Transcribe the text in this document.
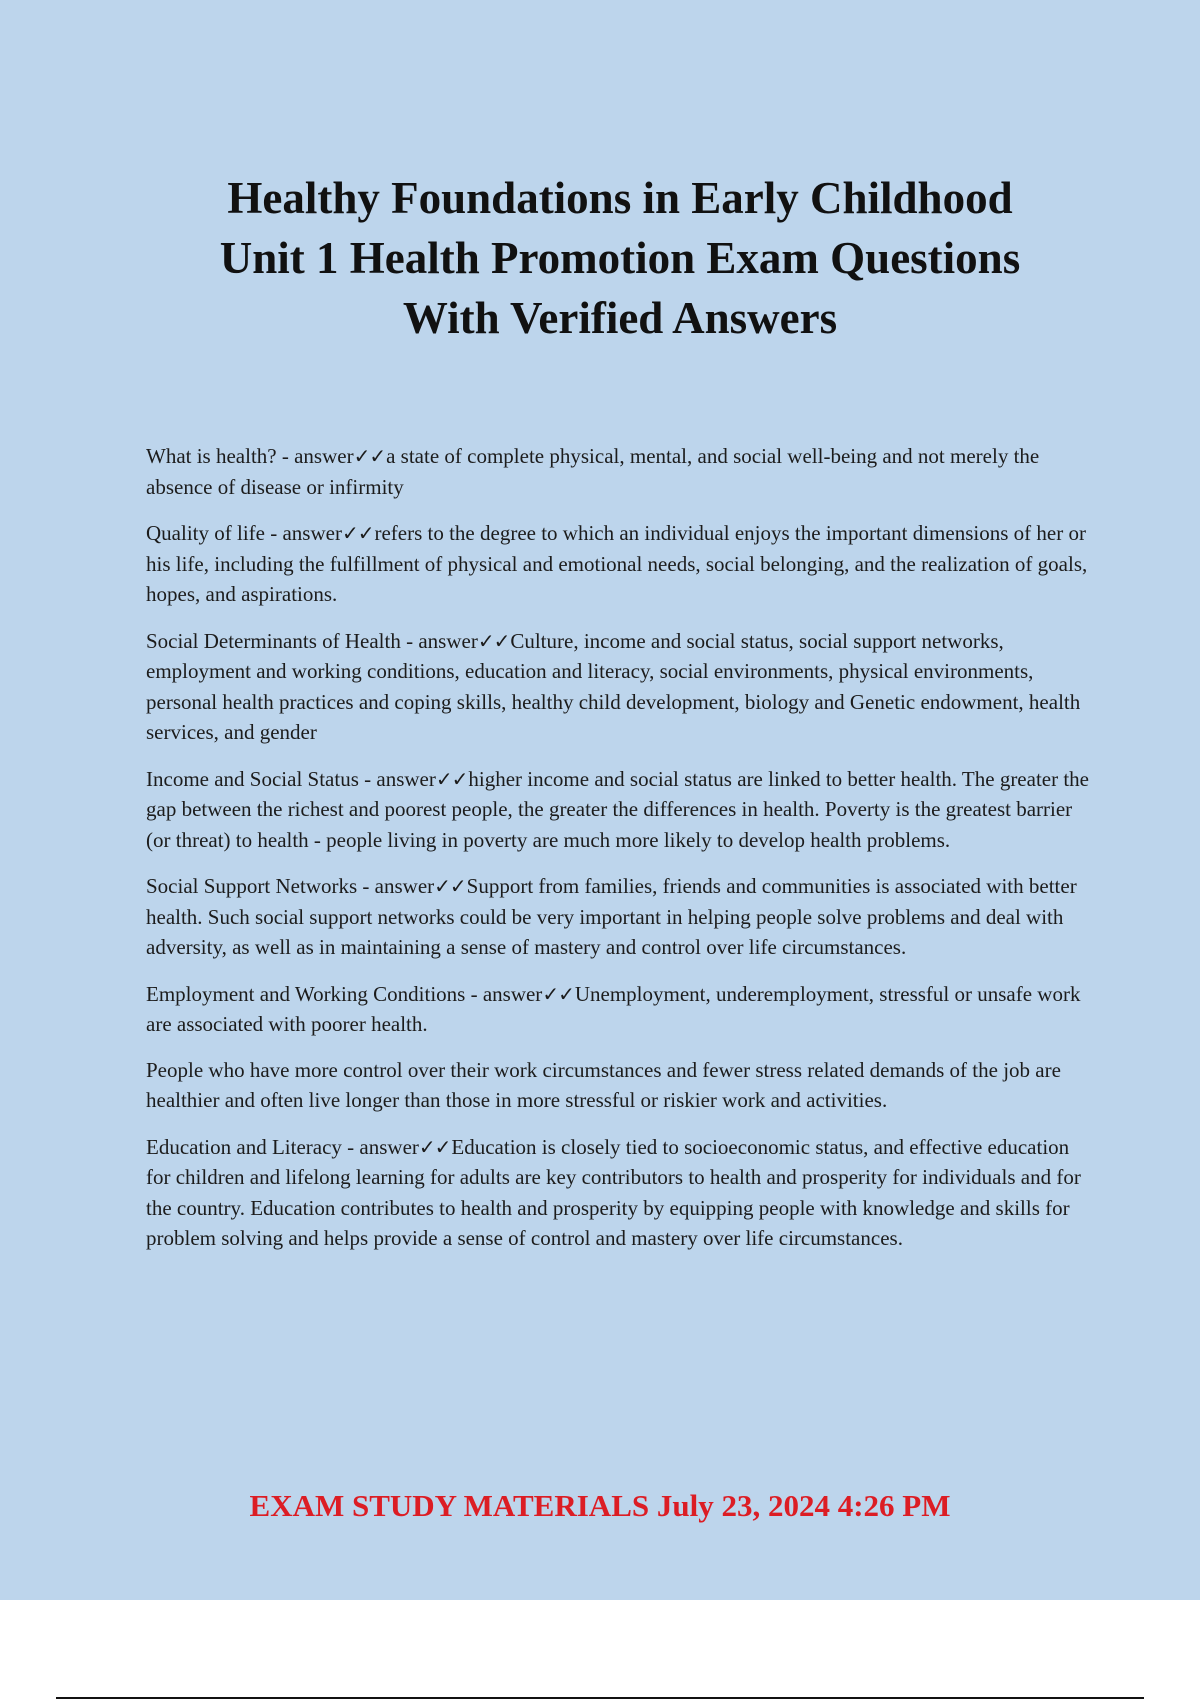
Healthy Foundations in Early Childhood
Unit 1 Health Promotion Exam Questions
With Verified Answers

What is health? - answer✓✓a state of complete physical, mental, and social well-being and not merely the absence of disease or infirmity

Quality of life - answer✓✓refers to the degree to which an individual enjoys the important dimensions of her or his life, including the fulfillment of physical and emotional needs, social belonging, and the realization of goals, hopes, and aspirations.

Social Determinants of Health - answer✓✓Culture, income and social status, social support networks, employment and working conditions, education and literacy, social environments, physical environments, personal health practices and coping skills, healthy child development, biology and Genetic endowment, health services, and gender

Income and Social Status - answer✓✓higher income and social status are linked to better health. The greater the gap between the richest and poorest people, the greater the differences in health. Poverty is the greatest barrier (or threat) to health - people living in poverty are much more likely to develop health problems.

Social Support Networks - answer✓✓Support from families, friends and communities is associated with better health. Such social support networks could be very important in helping people solve problems and deal with adversity, as well as in maintaining a sense of mastery and control over life circumstances.

Employment and Working Conditions - answer✓✓Unemployment, underemployment, stressful or unsafe work are associated with poorer health.

People who have more control over their work circumstances and fewer stress related demands of the job are healthier and often live longer than those in more stressful or riskier work and activities.

Education and Literacy - answer✓✓Education is closely tied to socioeconomic status, and effective education for children and lifelong learning for adults are key contributors to health and prosperity for individuals and for the country. Education contributes to health and prosperity by equipping people with knowledge and skills for problem solving and helps provide a sense of control and mastery over life circumstances.

EXAM STUDY MATERIALS July 23, 2024 4:26 PM
